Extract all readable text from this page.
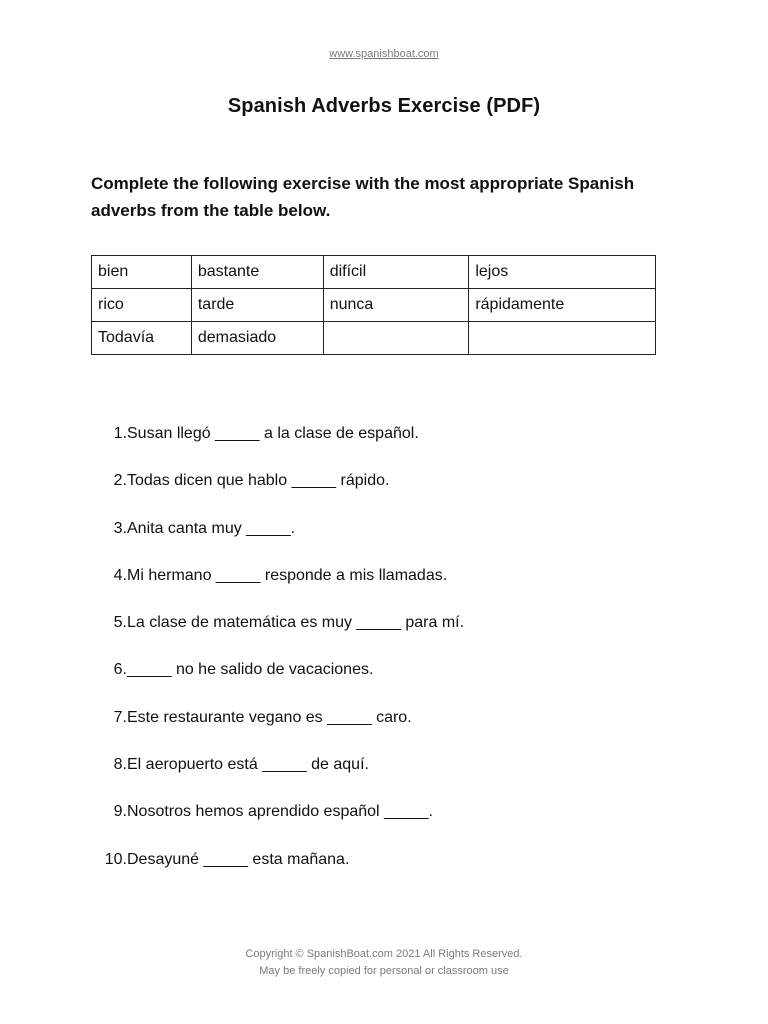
www.spanishboat.com
Spanish Adverbs Exercise (PDF)
Complete the following exercise with the most appropriate Spanish adverbs from the table below.
bien	bastante	difícil	lejos
rico	tarde	nunca	rápidamente
Todavía	demasiado		
1. Susan llegó _____ a la clase de español.
2. Todas dicen que hablo _____ rápido.
3. Anita canta muy _____.
4. Mi hermano _____ responde a mis llamadas.
5. La clase de matemática es muy _____ para mí.
6. _____ no he salido de vacaciones.
7. Este restaurante vegano es _____ caro.
8. El aeropuerto está _____ de aquí.
9. Nosotros hemos aprendido español _____.
10. Desayuné _____ esta mañana.
Copyright © SpanishBoat.com 2021 All Rights Reserved.
May be freely copied for personal or classroom use
